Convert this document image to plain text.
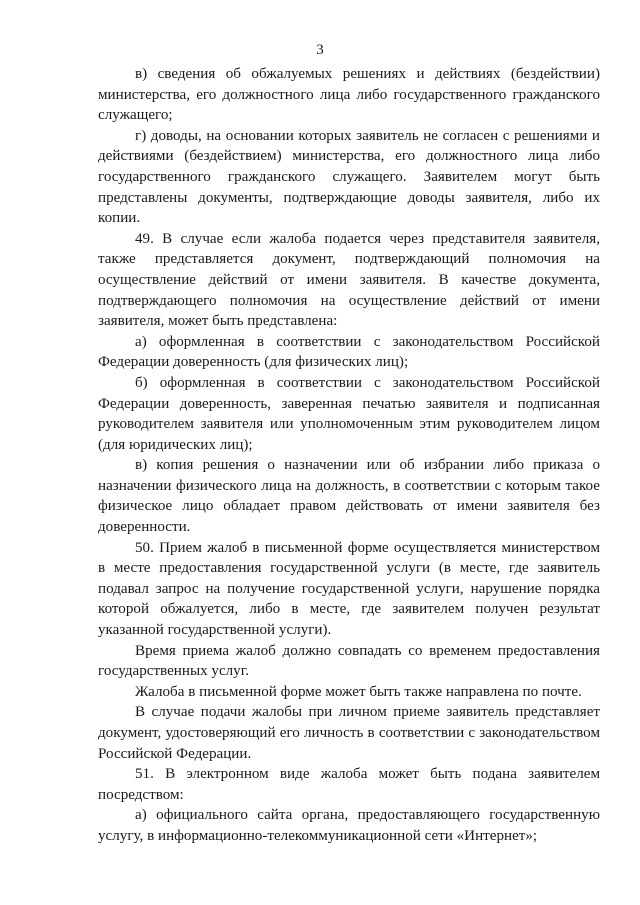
3

в) сведения об обжалуемых решениях и действиях (бездействии) министерства, его должностного лица либо государственного гражданского служащего;

г) доводы, на основании которых заявитель не согласен с решениями и действиями (бездействием) министерства, его должностного лица либо государственного гражданского служащего. Заявителем могут быть представлены документы, подтверждающие доводы заявителя, либо их копии.

49. В случае если жалоба подается через представителя заявителя, также представляется документ, подтверждающий полномочия на осуществление действий от имени заявителя. В качестве документа, подтверждающего полномочия на осуществление действий от имени заявителя, может быть представлена:

а) оформленная в соответствии с законодательством Российской Федерации доверенность (для физических лиц);

б) оформленная в соответствии с законодательством Российской Федерации доверенность, заверенная печатью заявителя и подписанная руководителем заявителя или уполномоченным этим руководителем лицом (для юридических лиц);

в) копия решения о назначении или об избрании либо приказа о назначении физического лица на должность, в соответствии с которым такое физическое лицо обладает правом действовать от имени заявителя без доверенности.

50. Прием жалоб в письменной форме осуществляется министерством в месте предоставления государственной услуги (в месте, где заявитель подавал запрос на получение государственной услуги, нарушение порядка которой обжалуется, либо в месте, где заявителем получен результат указанной государственной услуги).

Время приема жалоб должно совпадать со временем предоставления государственных услуг.

Жалоба в письменной форме может быть также направлена по почте.

В случае подачи жалобы при личном приеме заявитель представляет документ, удостоверяющий его личность в соответствии с законодательством Российской Федерации.

51. В электронном виде жалоба может быть подана заявителем посредством:

а) официального сайта органа, предоставляющего государственную услугу, в информационно-телекоммуникационной сети «Интернет»;
